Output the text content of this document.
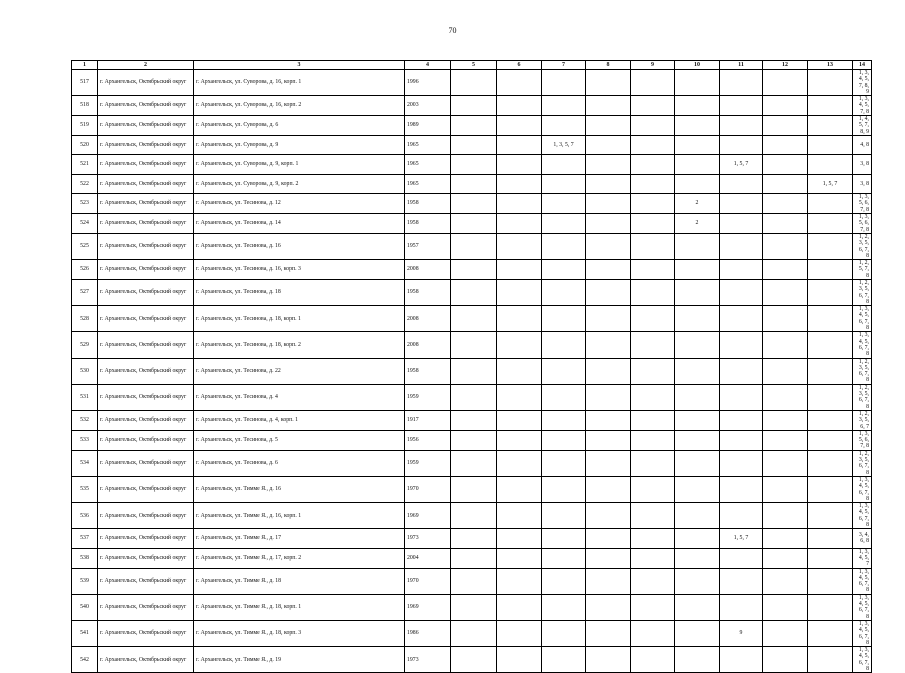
70
1	2	3	4	5	6	7	8	9	10	11	12	13	14
517	г. Архангельск, Октябрьский округ	г. Архангельск, ул. Суворова, д. 16, корп. 1	1996										1, 3, 4, 5, 7, 8, 9
518	г. Архангельск, Октябрьский округ	г. Архангельск, ул. Суворова, д. 16, корп. 2	2003										1, 3, 4, 5, 7, 8
519	г. Архангельск, Октябрьский округ	г. Архангельск, ул. Суворова, д. 6	1989										1, 4, 5, 7, 8, 9
520	г. Архангельск, Октябрьский округ	г. Архангельск, ул. Суворова, д. 9	1965			1, 3, 5, 7							4, 8
521	г. Архангельск, Октябрьский округ	г. Архангельск, ул. Суворова, д. 9, корп. 1	1965							1, 5, 7			3, 8
522	г. Архангельск, Октябрьский округ	г. Архангельск, ул. Суворова, д. 9, корп. 2	1965									1, 5, 7	3, 8
523	г. Архангельск, Октябрьский округ	г. Архангельск, ул. Тесинова, д. 12	1958						2				1, 3, 5, 6, 7, 8
524	г. Архангельск, Октябрьский округ	г. Архангельск, ул. Тесинова, д. 14	1958						2				1, 3, 5, 6, 7, 8
525	г. Архангельск, Октябрьский округ	г. Архангельск, ул. Тесинова, д. 16	1957										1, 2, 3, 5, 6, 7, 8
526	г. Архангельск, Октябрьский округ	г. Архангельск, ул. Тесинова, д. 16, корп. 3	2008										1, 2, 5, 7, 8
527	г. Архангельск, Октябрьский округ	г. Архангельск, ул. Тесинова, д. 18	1958										1, 2, 3, 5, 6, 7, 8
528	г. Архангельск, Октябрьский округ	г. Архангельск, ул. Тесинова, д. 18, корп. 1	2008										1, 3, 4, 5, 6, 7, 8
529	г. Архангельск, Октябрьский округ	г. Архангельск, ул. Тесинова, д. 18, корп. 2	2008										1, 3, 4, 5, 6, 7, 8
530	г. Архангельск, Октябрьский округ	г. Архангельск, ул. Тесинова, д. 22	1958										1, 2, 3, 5, 6, 7, 8
531	г. Архангельск, Октябрьский округ	г. Архангельск, ул. Тесинова, д. 4	1959										1, 2, 3, 5, 6, 7, 8
532	г. Архангельск, Октябрьский округ	г. Архангельск, ул. Тесинова, д. 4, корп. 1	1917										1, 2, 3, 5, 6, 7
533	г. Архангельск, Октябрьский округ	г. Архангельск, ул. Тесинова, д. 5	1956										1, 3, 5, 6, 7, 8
534	г. Архангельск, Октябрьский округ	г. Архангельск, ул. Тесинова, д. 6	1959										1, 2, 3, 5, 6, 7, 8
535	г. Архангельск, Октябрьский округ	г. Архангельск, ул. Тимме Я., д. 16	1970										1, 3, 4, 5, 6, 7, 8
536	г. Архангельск, Октябрьский округ	г. Архангельск, ул. Тимме Я., д. 16, корп. 1	1969										1, 3, 4, 5, 6, 7, 8
537	г. Архангельск, Октябрьский округ	г. Архангельск, ул. Тимме Я., д. 17	1973							1, 5, 7			3, 4, 6, 8
538	г. Архангельск, Октябрьский округ	г. Архангельск, ул. Тимме Я., д. 17, корп. 2	2004										1, 3, 4, 5, 7
539	г. Архангельск, Октябрьский округ	г. Архангельск, ул. Тимме Я., д. 18	1970										1, 3, 4, 5, 6, 7, 8
540	г. Архангельск, Октябрьский округ	г. Архангельск, ул. Тимме Я., д. 18, корп. 1	1969										1, 3, 4, 5, 6, 7, 8
541	г. Архангельск, Октябрьский округ	г. Архангельск, ул. Тимме Я., д. 18, корп. 3	1986							9			1, 3, 4, 5, 6, 7, 8
542	г. Архангельск, Октябрьский округ	г. Архангельск, ул. Тимме Я., д. 19	1973										1, 3, 4, 5, 6, 7, 8
